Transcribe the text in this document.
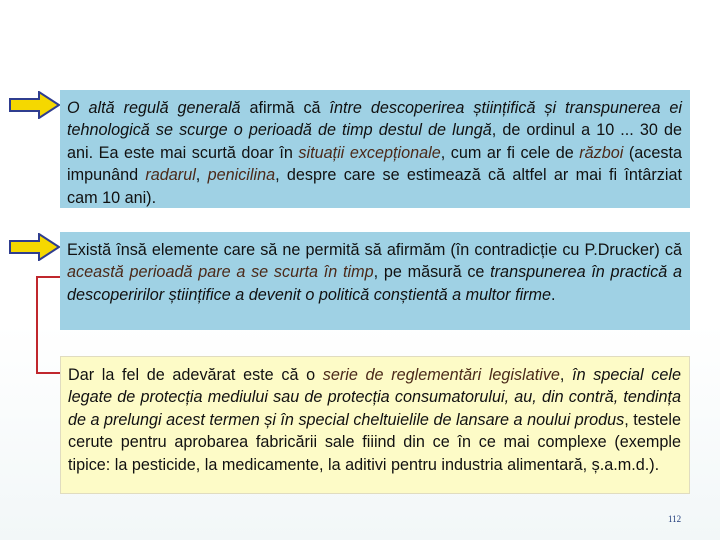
O altă regulă generală afirmă că între descoperirea științifică și transpunerea ei tehnologică se scurge o perioadă de timp destul de lungă, de ordinul a 10 ... 30 de ani. Ea este mai scurtă doar în situații excepționale, cum ar fi cele de război (acesta impunând radarul, penicilina, despre care se estimează că altfel ar mai fi întârziat cam 10 ani).
Există însă elemente care să ne permită să afirmăm (în contradicție cu P.Drucker) că această perioadă pare a se scurta în timp, pe măsură ce transpunerea în practică a descoperirilor științifice a devenit o politică conștientă a multor firme.
Dar la fel de adevărat este că o serie de reglementări legislative, în special cele legate de protecția mediului sau de protecția consumatorului, au, din contră, tendința de a prelungi acest termen și în special cheltuielile de lansare a noului produs, testele cerute pentru aprobarea fabricării sale fiiind din ce în ce mai complexe (exemple tipice: la pesticide, la medicamente, la aditivi pentru industria alimentară, ș.a.m.d.).
112
